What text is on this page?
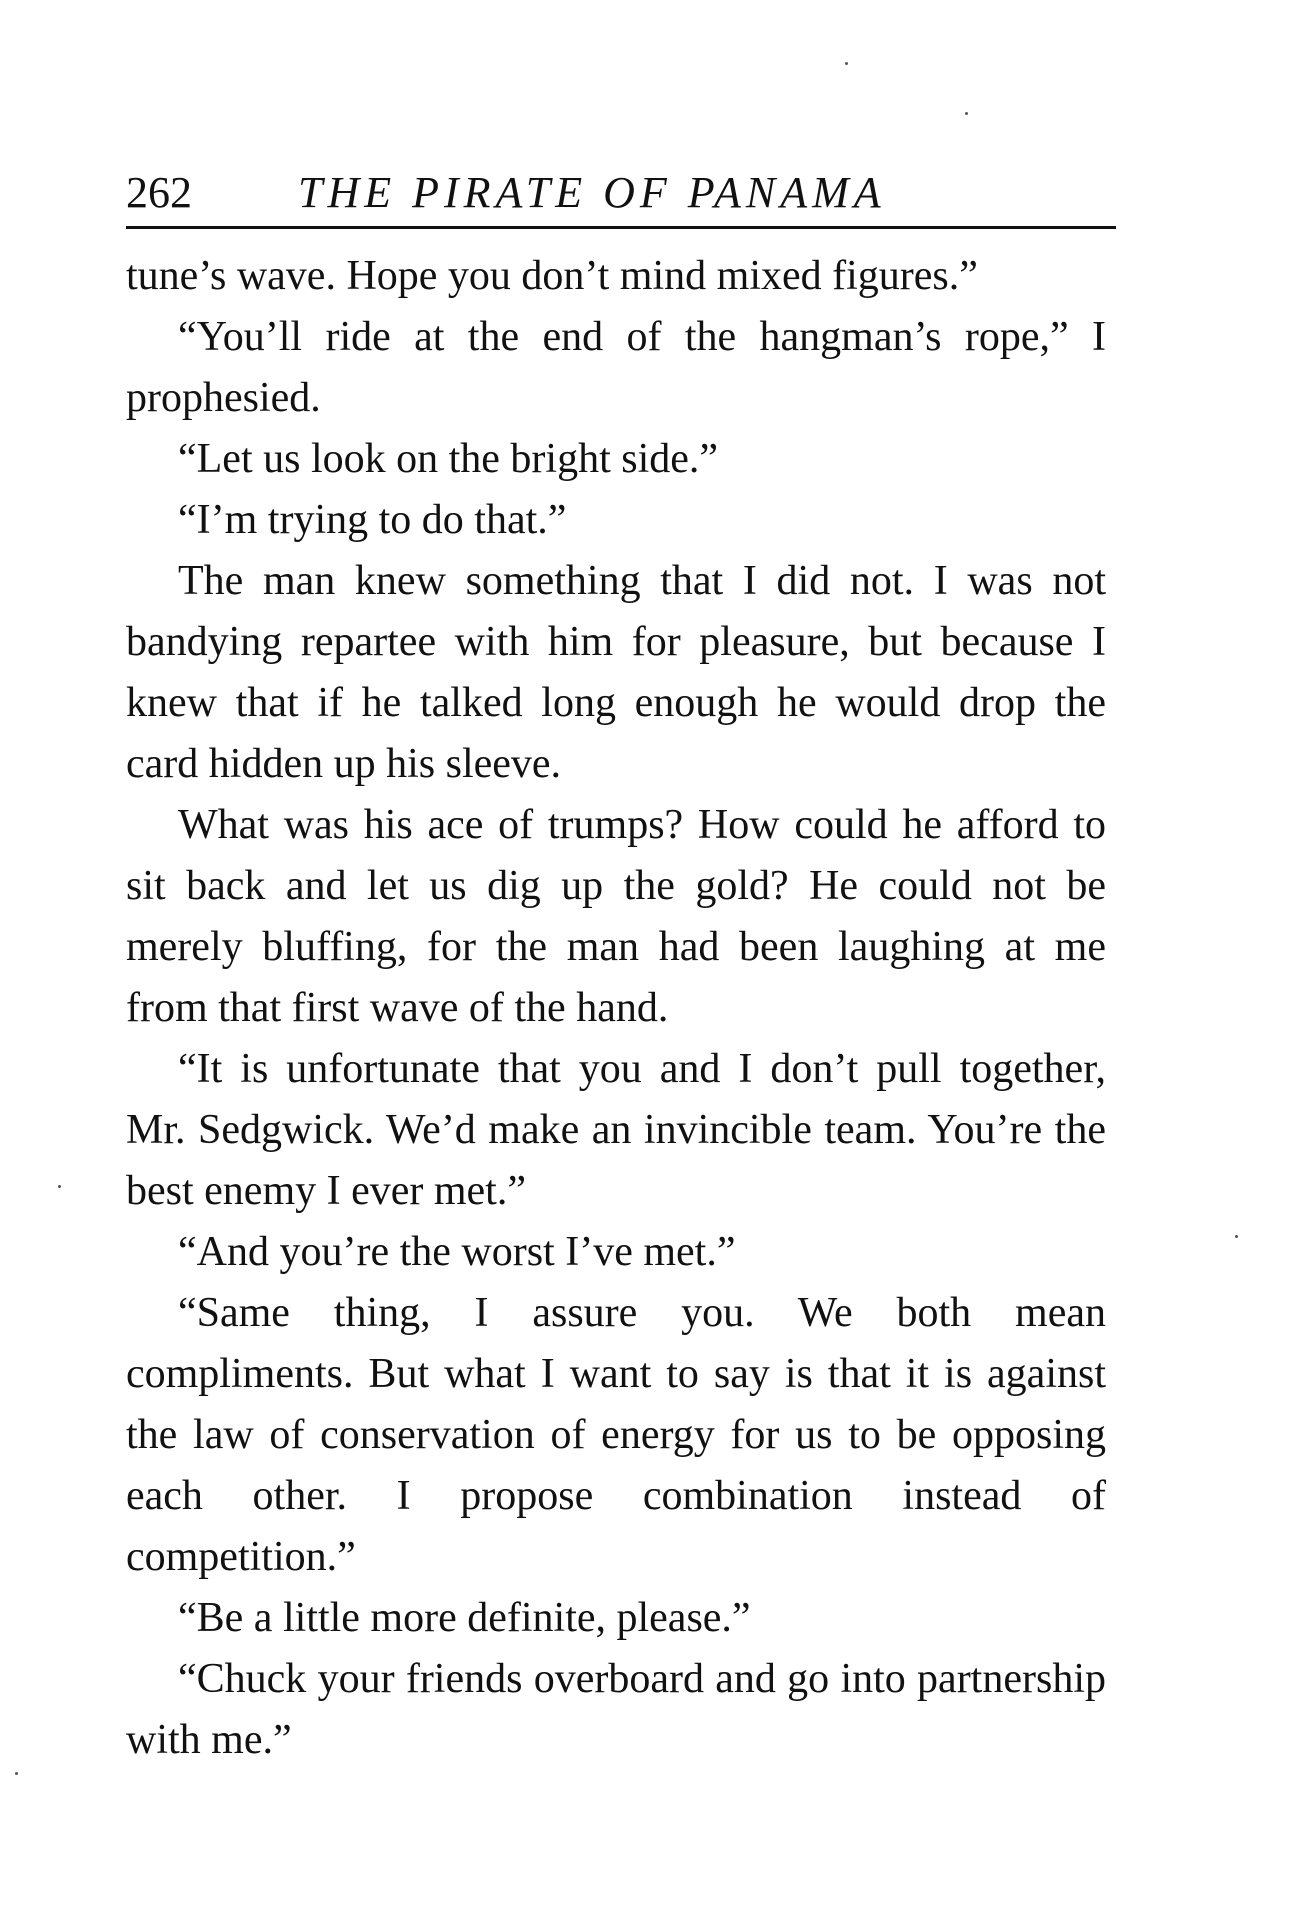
262 THE PIRATE OF PANAMA

tune’s wave. Hope you don’t mind mixed figures.”

“You’ll ride at the end of the hangman’s rope,” I prophesied.

“Let us look on the bright side.”

“I’m trying to do that.”

The man knew something that I did not. I was not bandying repartee with him for pleasure, but because I knew that if he talked long enough he would drop the card hidden up his sleeve.

What was his ace of trumps? How could he afford to sit back and let us dig up the gold? He could not be merely bluffing, for the man had been laughing at me from that first wave of the hand.

“It is unfortunate that you and I don’t pull together, Mr. Sedgwick. We’d make an invincible team. You’re the best enemy I ever met.”

“And you’re the worst I’ve met.”

“Same thing, I assure you. We both mean compliments. But what I want to say is that it is against the law of conservation of energy for us to be opposing each other. I propose combination instead of competition.”

“Be a little more definite, please.”

“Chuck your friends overboard and go into partnership with me.”
